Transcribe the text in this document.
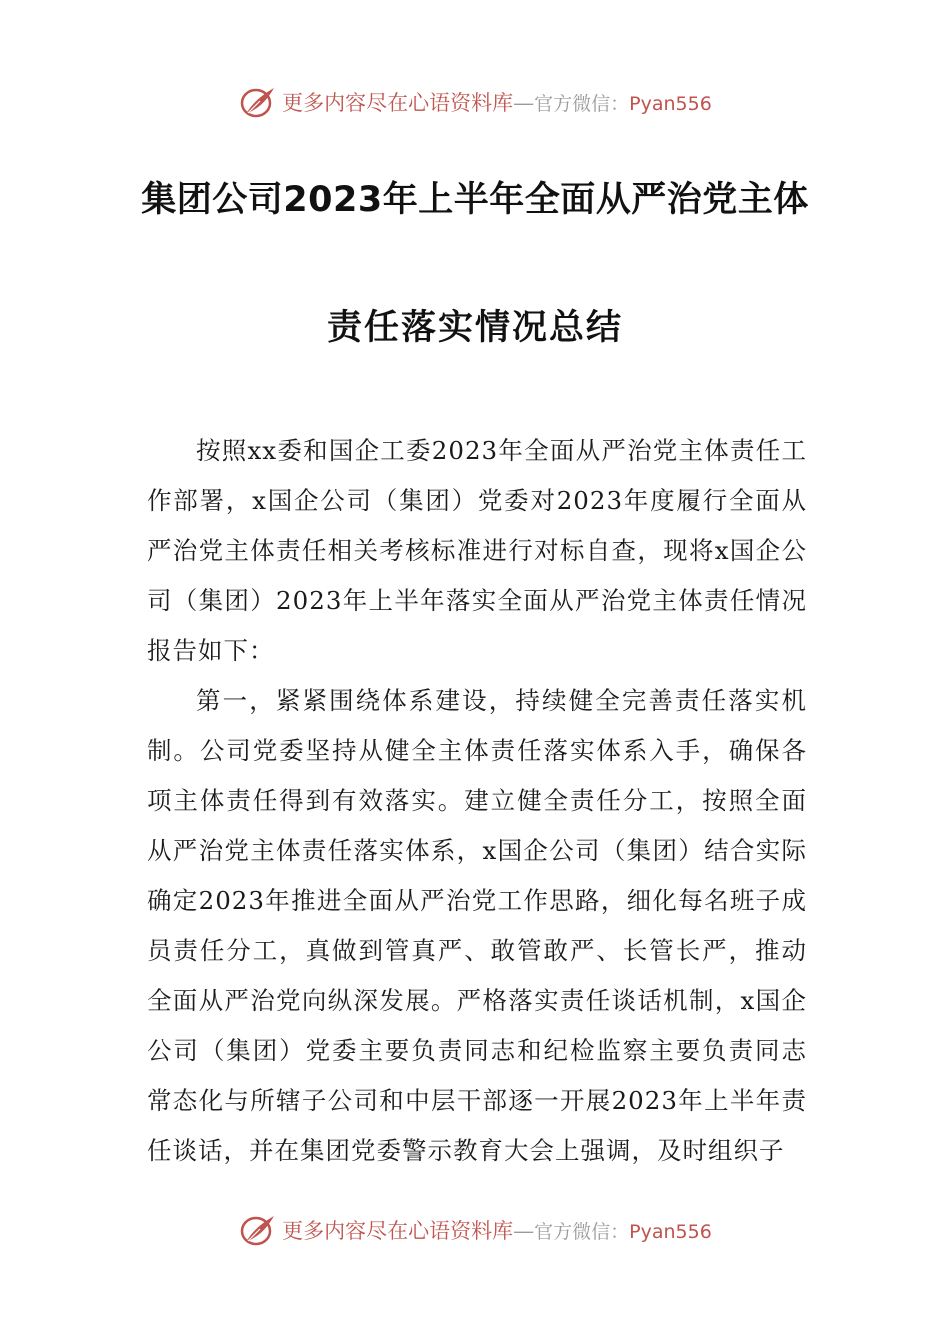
更多内容尽在心语资料库—官方微信：Pyan556
集团公司2023年上半年全面从严治党主体
责任落实情况总结

按照xx委和国企工委2023年全面从严治党主体责任工作部署，x国企公司（集团）党委对2023年度履行全面从严治党主体责任相关考核标准进行对标自查，现将x国企公司（集团）2023年上半年落实全面从严治党主体责任情况报告如下：

第一，紧紧围绕体系建设，持续健全完善责任落实机制。公司党委坚持从健全主体责任落实体系入手，确保各项主体责任得到有效落实。建立健全责任分工，按照全面从严治党主体责任落实体系，x国企公司（集团）结合实际确定2023年推进全面从严治党工作思路，细化每名班子成员责任分工，真做到管真严、敢管敢严、长管长严，推动全面从严治党向纵深发展。严格落实责任谈话机制，x国企公司（集团）党委主要负责同志和纪检监察主要负责同志常态化与所辖子公司和中层干部逐一开展2023年上半年责任谈话，并在集团党委警示教育大会上强调，及时组织子

更多内容尽在心语资料库—官方微信：Pyan556
